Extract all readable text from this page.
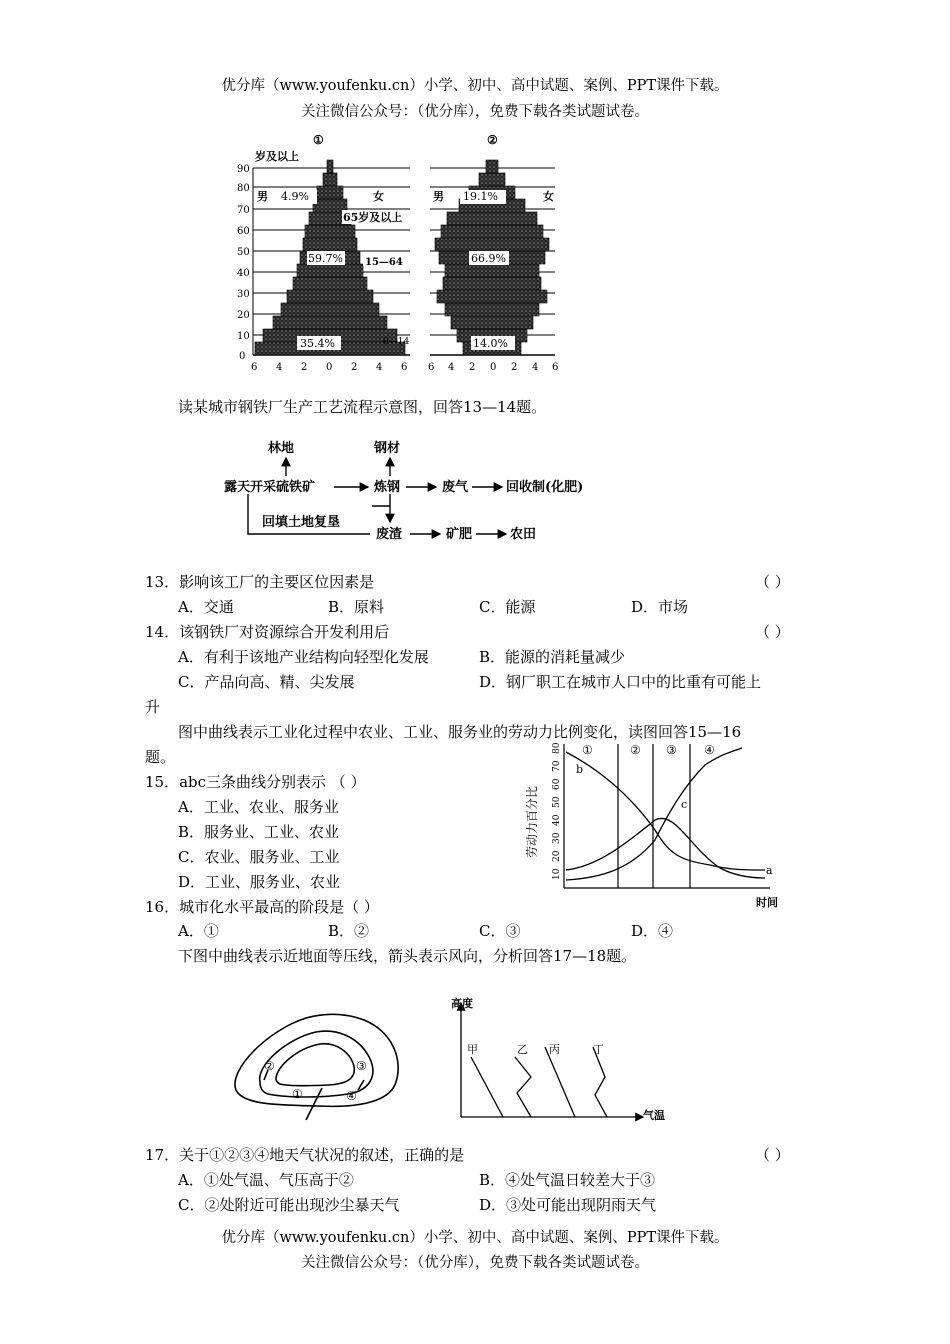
优分库（www.youfenku.cn）小学、初中、高中试题、案例、PPT课件下载。
关注微信公众号：（优分库），免费下载各类试题试卷。
①
岁及以上
90
80
70
60
50
40
30
20
10
0
35.4%
59.7%
男 4.9%	女
65岁及以上
15—64
0—14
6 4 2 0 2 4 6
②
14.0%
66.9%
男 19.1%	女
6 4 2 0 2 4 6
读某城市钢铁厂生产工艺流程示意图，回答13—14题。
林地	钢材
露天开采硫铁矿	炼钢	废气	回收制(化肥)
回填土地复垦
废渣	矿肥	农田
13．影响该工厂的主要区位因素是	（ ）
A．交通	B．原料	C．能源	D．市场
14．该钢铁厂对资源综合开发利用后	（ ）
A．有利于该地产业结构向轻型化发展	B．能源的消耗量减少
C．产品向高、精、尖发展	D．钢厂职工在城市人口中的比重有可能上
升
图中曲线表示工业化过程中农业、工业、服务业的劳动力比例变化，读图回答15—16
题。
劳动力百分比
80
70
60
50
40
30
20
10
①	② ③ ④
b
a
c
时间
15．abc三条曲线分别表示 （ ）
A．工业、农业、服务业
B．服务业、工业、农业
C．农业、服务业、工业
D．工业、服务业、农业
16．城市化水平最高的阶段是（ ）
A．①	B．②	C．③	D．④
下图中曲线表示近地面等压线，箭头表示风向，分析回答17—18题。
①
②	③
④
高度
气温
甲	乙 丙	丁
17．关于①②③④地天气状况的叙述，正确的是	（ ）
A．①处气温、气压高于②	B．④处气温日较差大于③
C．②处附近可能出现沙尘暴天气	D．③处可能出现阴雨天气
优分库（www.youfenku.cn）小学、初中、高中试题、案例、PPT课件下载。
关注微信公众号：（优分库），免费下载各类试题试卷。
